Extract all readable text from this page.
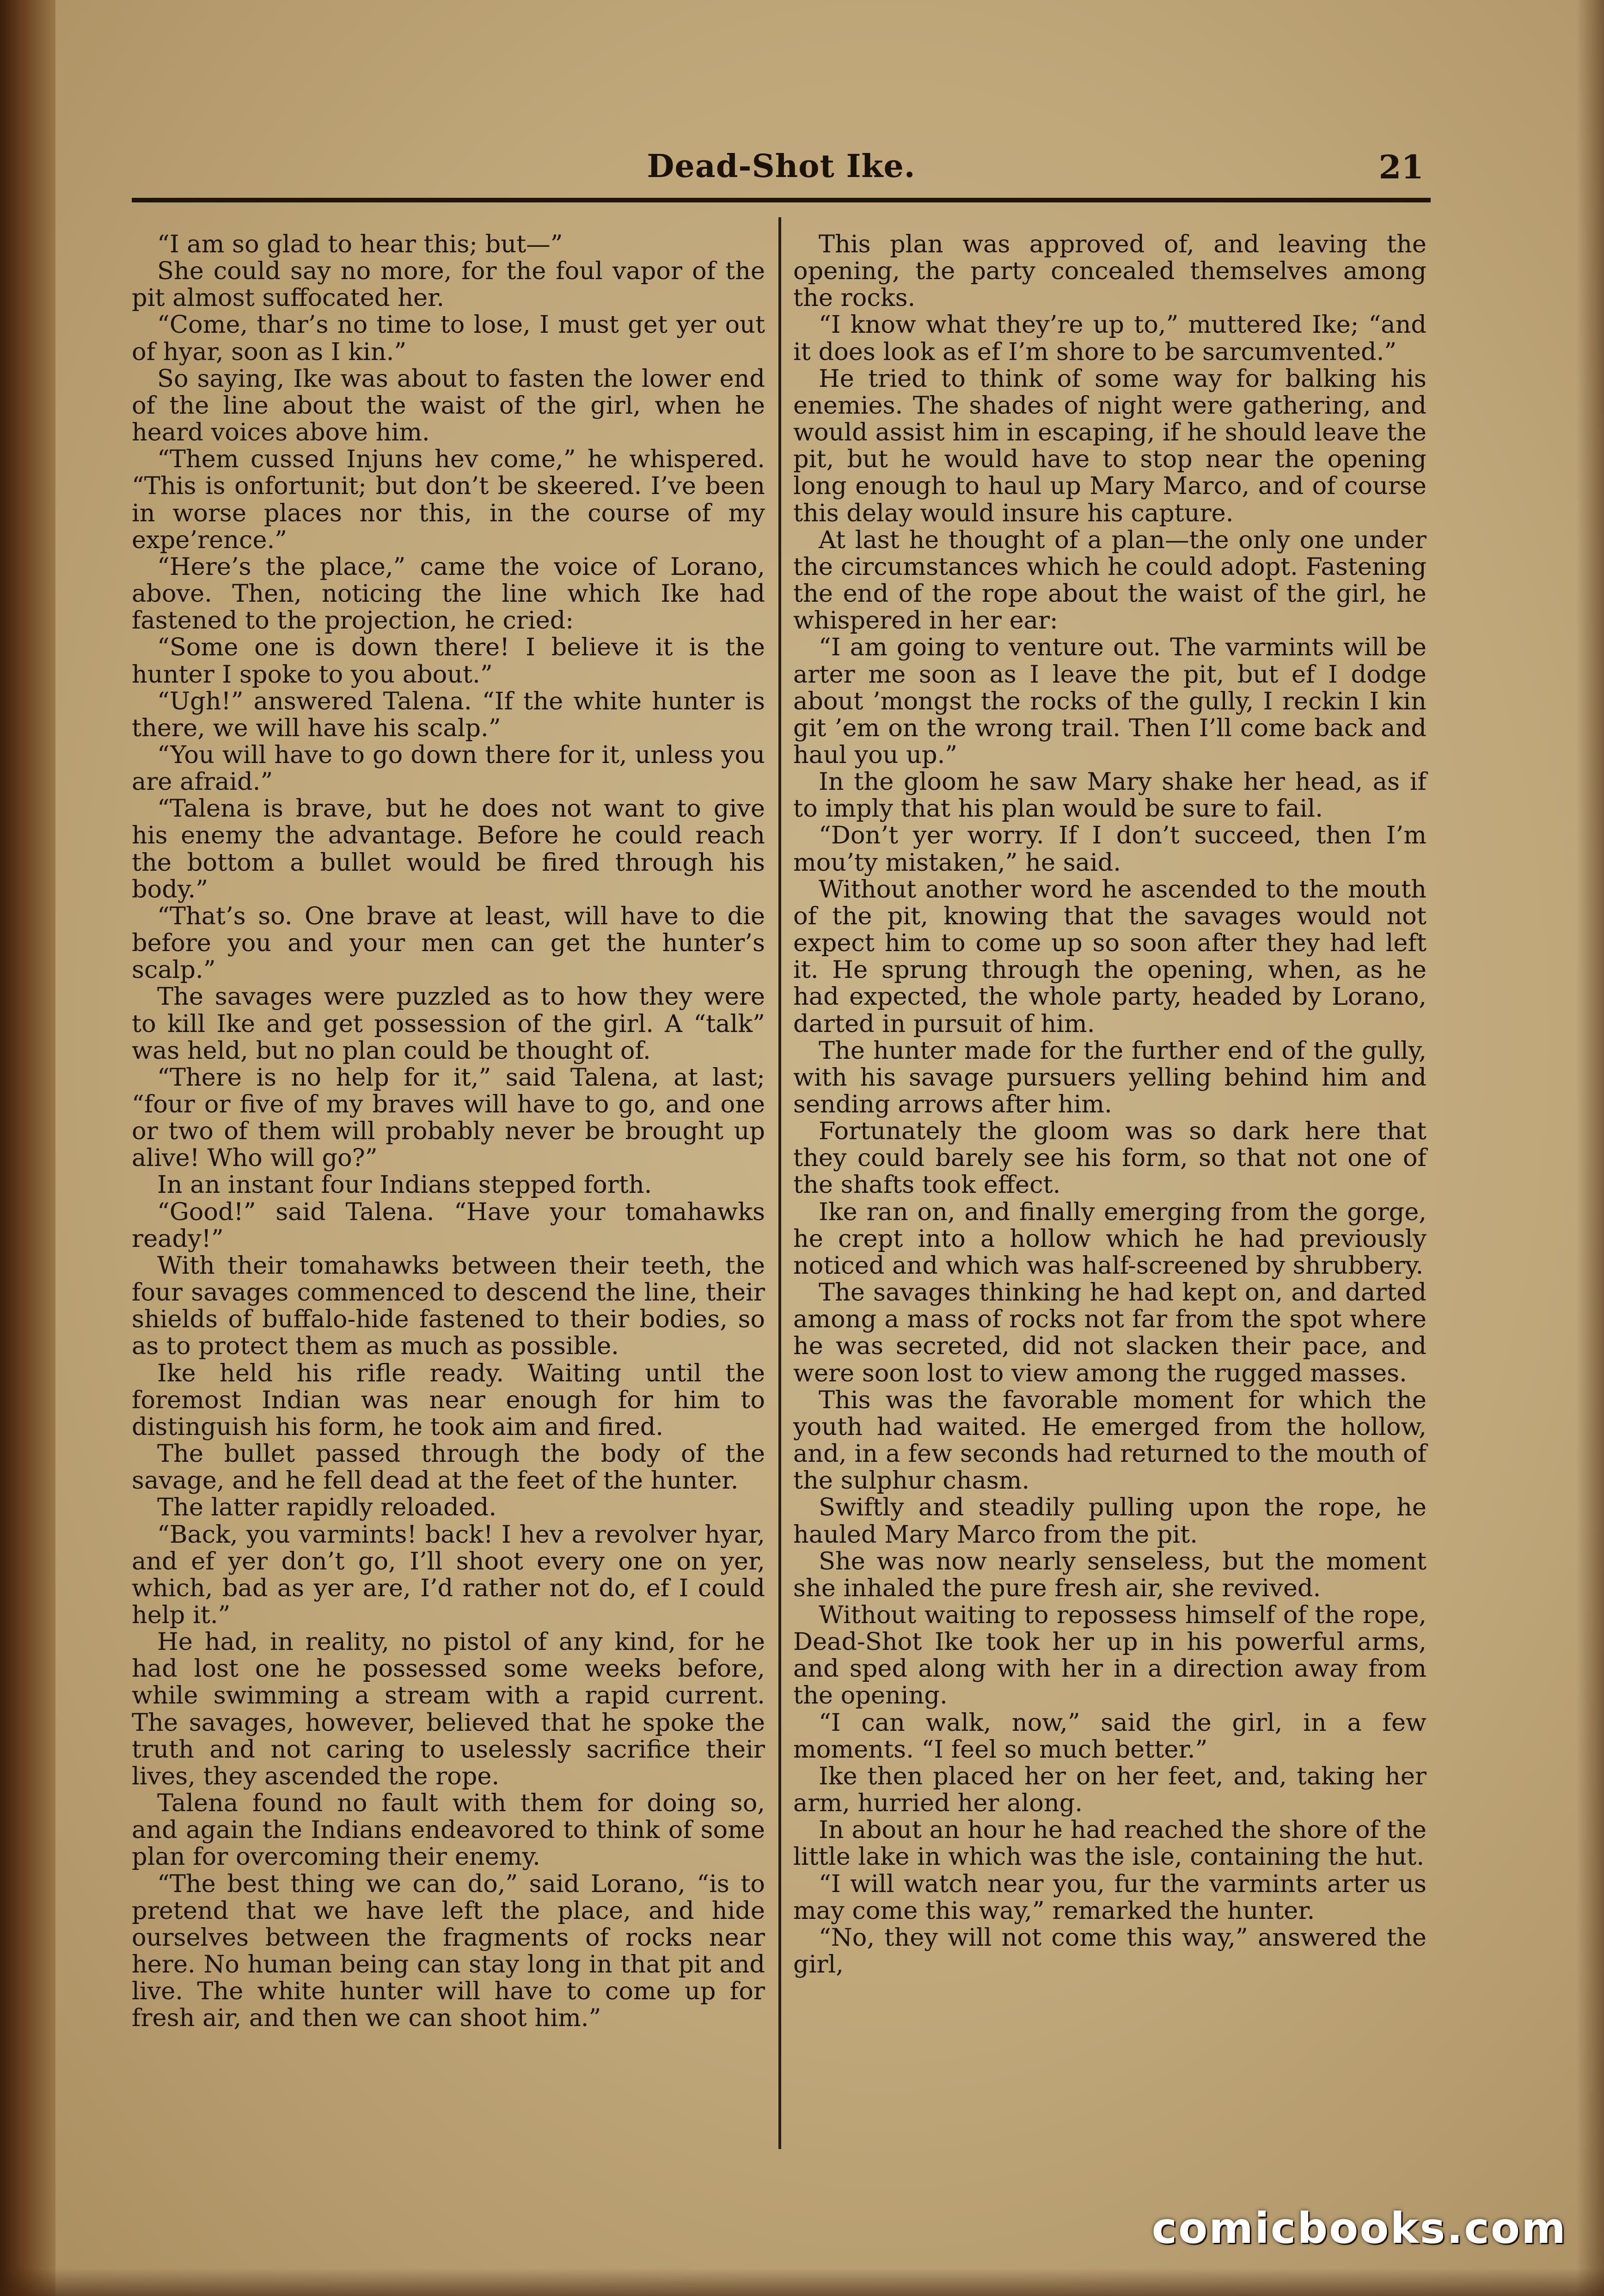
Dead-Shot Ike.	21

“I am so glad to hear this; but—”

She could say no more, for the foul vapor of the pit almost suffocated her.

“Come, thar’s no time to lose, I must get yer out of hyar, soon as I kin.”

So saying, Ike was about to fasten the lower end of the line about the waist of the girl, when he heard voices above him.

“Them cussed Injuns hev come,” he whispered. “This is onfortunit; but don’t be skeered. I’ve been in worse places nor this, in the course of my expe’rence.”

“Here’s the place,” came the voice of Lorano, above. Then, noticing the line which Ike had fastened to the projection, he cried:

“Some one is down there! I believe it is the hunter I spoke to you about.”

“Ugh!” answered Talena. “If the white hunter is there, we will have his scalp.”

“You will have to go down there for it, unless you are afraid.”

“Talena is brave, but he does not want to give his enemy the advantage. Before he could reach the bottom a bullet would be fired through his body.”

“That’s so. One brave at least, will have to die before you and your men can get the hunter’s scalp.”

The savages were puzzled as to how they were to kill Ike and get possession of the girl. A “talk” was held, but no plan could be thought of.

“There is no help for it,” said Talena, at last; “four or five of my braves will have to go, and one or two of them will probably never be brought up alive! Who will go?”

In an instant four Indians stepped forth.

“Good!” said Talena. “Have your tomahawks ready!”

With their tomahawks between their teeth, the four savages commenced to descend the line, their shields of buffalo-hide fastened to their bodies, so as to protect them as much as possible.

Ike held his rifle ready. Waiting until the foremost Indian was near enough for him to distinguish his form, he took aim and fired.

The bullet passed through the body of the savage, and he fell dead at the feet of the hunter.

The latter rapidly reloaded.

“Back, you varmints! back! I hev a revolver hyar, and ef yer don’t go, I’ll shoot every one on yer, which, bad as yer are, I’d rather not do, ef I could help it.”

He had, in reality, no pistol of any kind, for he had lost one he possessed some weeks before, while swimming a stream with a rapid current. The savages, however, believed that he spoke the truth and not caring to uselessly sacrifice their lives, they ascended the rope.

Talena found no fault with them for doing so, and again the Indians endeavored to think of some plan for overcoming their enemy.

“The best thing we can do,” said Lorano, “is to pretend that we have left the place, and hide ourselves between the fragments of rocks near here. No human being can stay long in that pit and live. The white hunter will have to come up for fresh air, and then we can shoot him.”

This plan was approved of, and leaving the opening, the party concealed themselves among the rocks.

“I know what they’re up to,” muttered Ike; “and it does look as ef I’m shore to be sarcumvented.”

He tried to think of some way for balking his enemies. The shades of night were gathering, and would assist him in escaping, if he should leave the pit, but he would have to stop near the opening long enough to haul up Mary Marco, and of course this delay would insure his capture.

At last he thought of a plan—the only one under the circumstances which he could adopt. Fastening the end of the rope about the waist of the girl, he whispered in her ear:

“I am going to venture out. The varmints will be arter me soon as I leave the pit, but ef I dodge about ’mongst the rocks of the gully, I reckin I kin git ’em on the wrong trail. Then I’ll come back and haul you up.”

In the gloom he saw Mary shake her head, as if to imply that his plan would be sure to fail.

“Don’t yer worry. If I don’t succeed, then I’m mou’ty mistaken,” he said.

Without another word he ascended to the mouth of the pit, knowing that the savages would not expect him to come up so soon after they had left it. He sprung through the opening, when, as he had expected, the whole party, headed by Lorano, darted in pursuit of him.

The hunter made for the further end of the gully, with his savage pursuers yelling behind him and sending arrows after him.

Fortunately the gloom was so dark here that they could barely see his form, so that not one of the shafts took effect.

Ike ran on, and finally emerging from the gorge, he crept into a hollow which he had previously noticed and which was half-screened by shrubbery.

The savages thinking he had kept on, and darted among a mass of rocks not far from the spot where he was secreted, did not slacken their pace, and were soon lost to view among the rugged masses.

This was the favorable moment for which the youth had waited. He emerged from the hollow, and, in a few seconds had returned to the mouth of the sulphur chasm.

Swiftly and steadily pulling upon the rope, he hauled Mary Marco from the pit.

She was now nearly senseless, but the moment she inhaled the pure fresh air, she revived.

Without waiting to repossess himself of the rope, Dead-Shot Ike took her up in his powerful arms, and sped along with her in a direction away from the opening.

“I can walk, now,” said the girl, in a few moments. “I feel so much better.”

Ike then placed her on her feet, and, taking her arm, hurried her along.

In about an hour he had reached the shore of the little lake in which was the isle, containing the hut.

“I will watch near you, fur the varmints arter us may come this way,” remarked the hunter.

“No, they will not come this way,” answered the girl,

comicbooks.com
